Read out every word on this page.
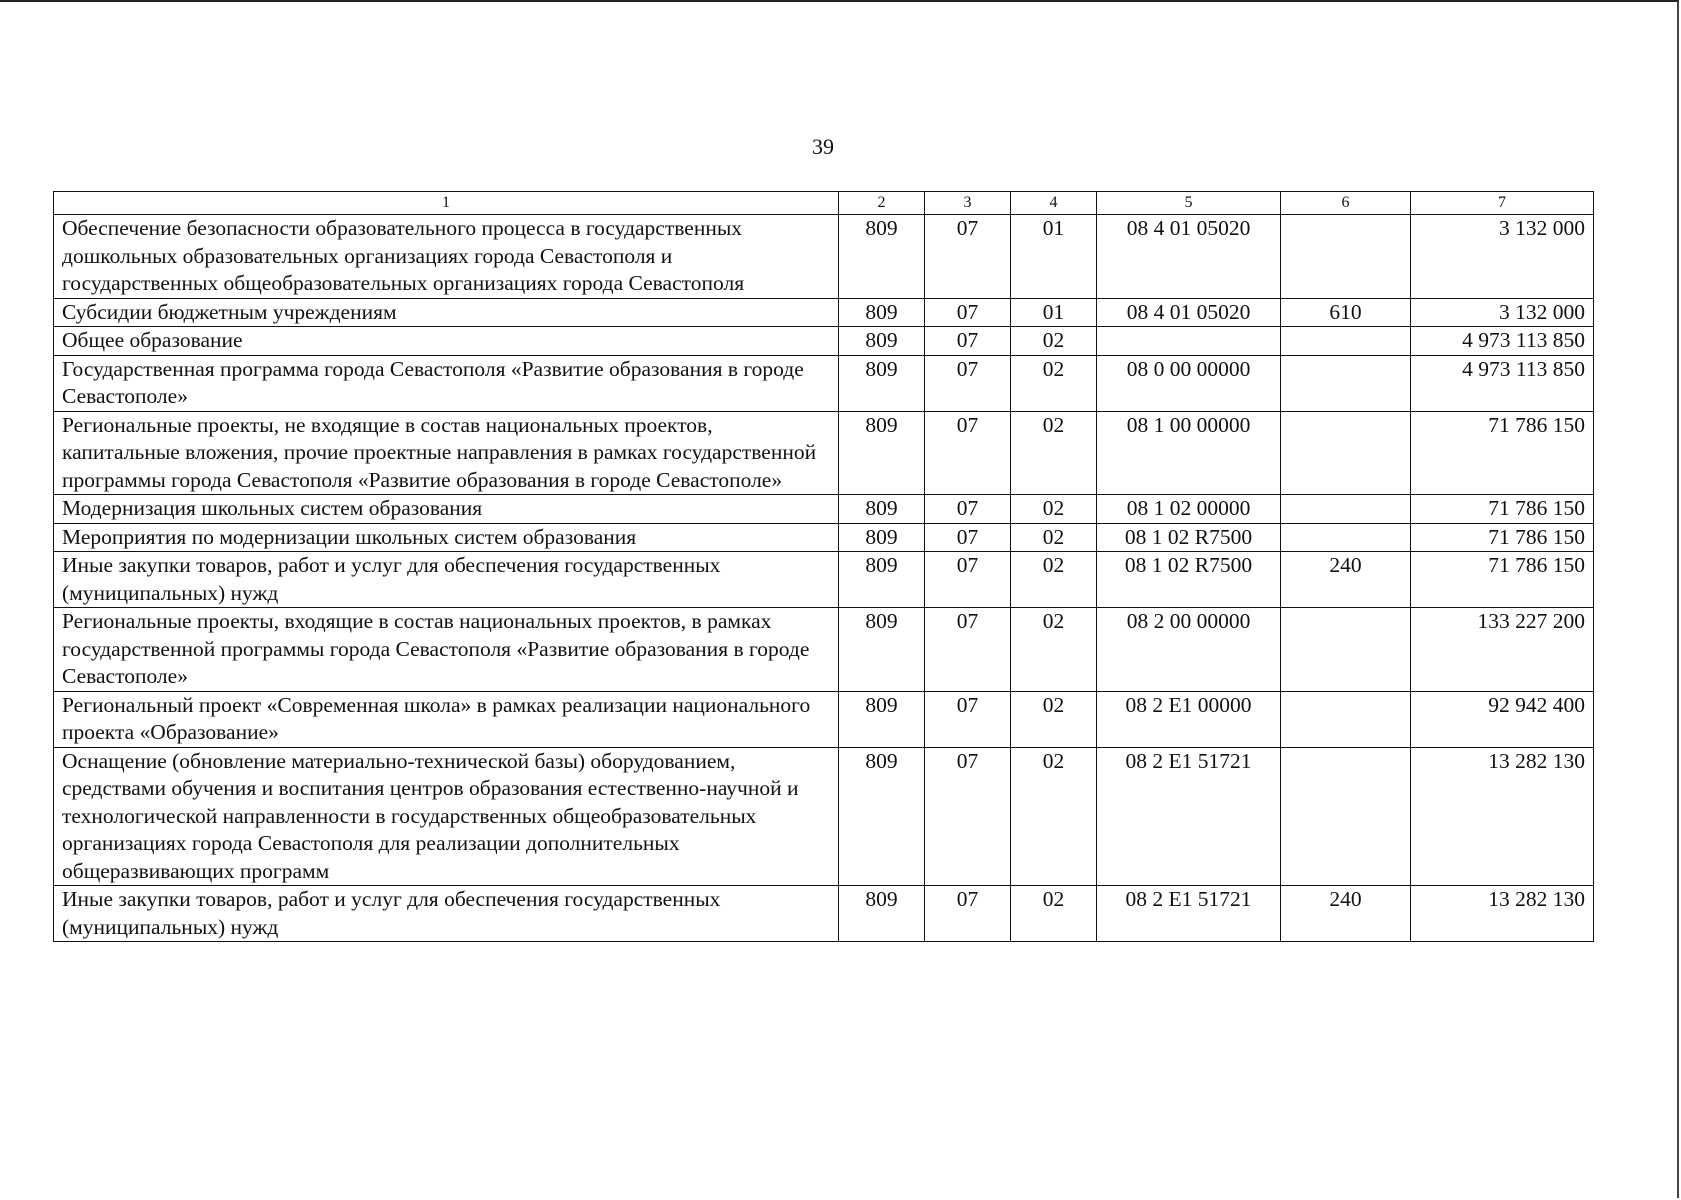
39
1	2	3	4	5	6	7
Обеспечение безопасности образовательного процесса в государственных дошкольных образовательных организациях города Севастополя и государственных общеобразовательных организациях города Севастополя	809	07	01	08 4 01 05020		3 132 000
Субсидии бюджетным учреждениям	809	07	01	08 4 01 05020	610	3 132 000
Общее образование	809	07	02			4 973 113 850
Государственная программа города Севастополя «Развитие образования в городе Севастополе»	809	07	02	08 0 00 00000		4 973 113 850
Региональные проекты, не входящие в состав национальных проектов, капитальные вложения, прочие проектные направления в рамках государственной программы города Севастополя «Развитие образования в городе Севастополе»	809	07	02	08 1 00 00000		71 786 150
Модернизация школьных систем образования	809	07	02	08 1 02 00000		71 786 150
Мероприятия по модернизации школьных систем образования	809	07	02	08 1 02 R7500		71 786 150
Иные закупки товаров, работ и услуг для обеспечения государственных (муниципальных) нужд	809	07	02	08 1 02 R7500	240	71 786 150
Региональные проекты, входящие в состав национальных проектов, в рамках государственной программы города Севастополя «Развитие образования в городе Севастополе»	809	07	02	08 2 00 00000		133 227 200
Региональный проект «Современная школа» в рамках реализации национального проекта «Образование»	809	07	02	08 2 E1 00000		92 942 400
Оснащение (обновление материально-технической базы) оборудованием, средствами обучения и воспитания центров образования естественно-научной и технологической направленности в государственных общеобразовательных организациях города Севастополя для реализации дополнительных общеразвивающих программ	809	07	02	08 2 E1 51721		13 282 130
Иные закупки товаров, работ и услуг для обеспечения государственных (муниципальных) нужд	809	07	02	08 2 E1 51721	240	13 282 130
